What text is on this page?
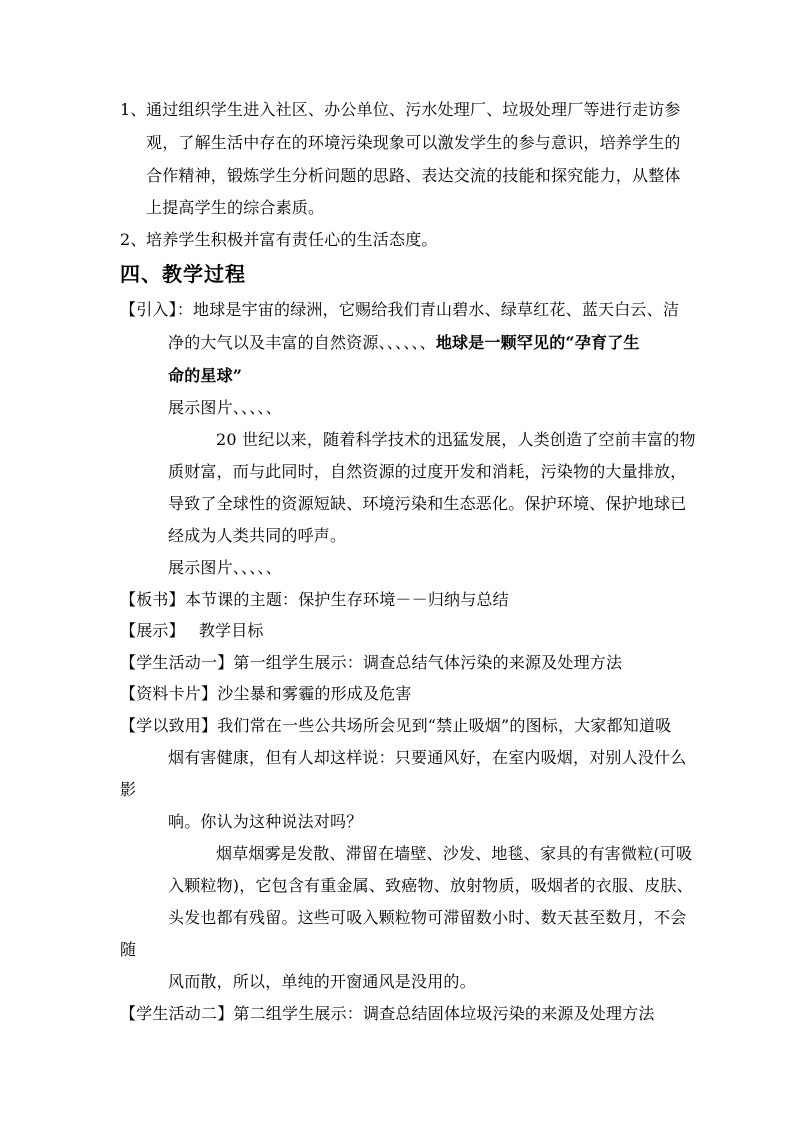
1、通过组织学生进入社区、办公单位、污水处理厂、垃圾处理厂等进行走访参
观，了解生活中存在的环境污染现象可以激发学生的参与意识，培养学生的
合作精神，锻炼学生分析问题的思路、表达交流的技能和探究能力，从整体
上提高学生的综合素质。
2、培养学生积极并富有责任心的生活态度。
四、教学过程
【引入】：地球是宇宙的绿洲，它赐给我们青山碧水、绿草红花、蓝天白云、洁
净的大气以及丰富的自然资源、、、、、、地球是一颗罕见的“孕育了生
命的星球”
展示图片、、、、、
20 世纪以来，随着科学技术的迅猛发展，人类创造了空前丰富的物
质财富，而与此同时，自然资源的过度开发和消耗，污染物的大量排放，
导致了全球性的资源短缺、环境污染和生态恶化。保护环境、保护地球已
经成为人类共同的呼声。
展示图片、、、、、
【板书】本节课的主题：保护生存环境－－归纳与总结
【展示】 教学目标
【学生活动一】第一组学生展示：调查总结气体污染的来源及处理方法
【资料卡片】沙尘暴和雾霾的形成及危害
【学以致用】我们常在一些公共场所会见到“禁止吸烟”的图标，大家都知道吸
烟有害健康，但有人却这样说：只要通风好，在室内吸烟，对别人没什么
影
响。你认为这种说法对吗？
烟草烟雾是发散、滞留在墙壁、沙发、地毯、家具的有害微粒(可吸
入颗粒物)，它包含有重金属、致癌物、放射物质，吸烟者的衣服、皮肤、
头发也都有残留。这些可吸入颗粒物可滞留数小时、数天甚至数月，不会
随
风而散，所以，单纯的开窗通风是没用的。
【学生活动二】第二组学生展示：调查总结固体垃圾污染的来源及处理方法
